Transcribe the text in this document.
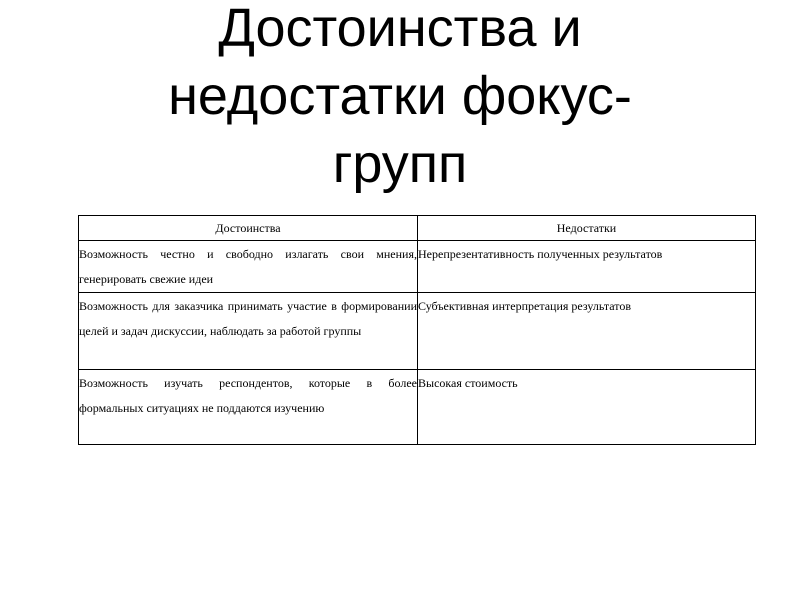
Достоинства и
недостатки фокус-
групп
Достоинства	Недостатки
Возможность честно и свободно излагать свои мнения, генерировать свежие идеи	Нерепрезентативность полученных результатов
Возможность для заказчика принимать участие в формировании целей и задач дискуссии, наблюдать за работой группы	Субъективная интерпретация результатов
Возможность изучать респондентов, которые в более формальных ситуациях не поддаются изучению	Высокая стоимость
